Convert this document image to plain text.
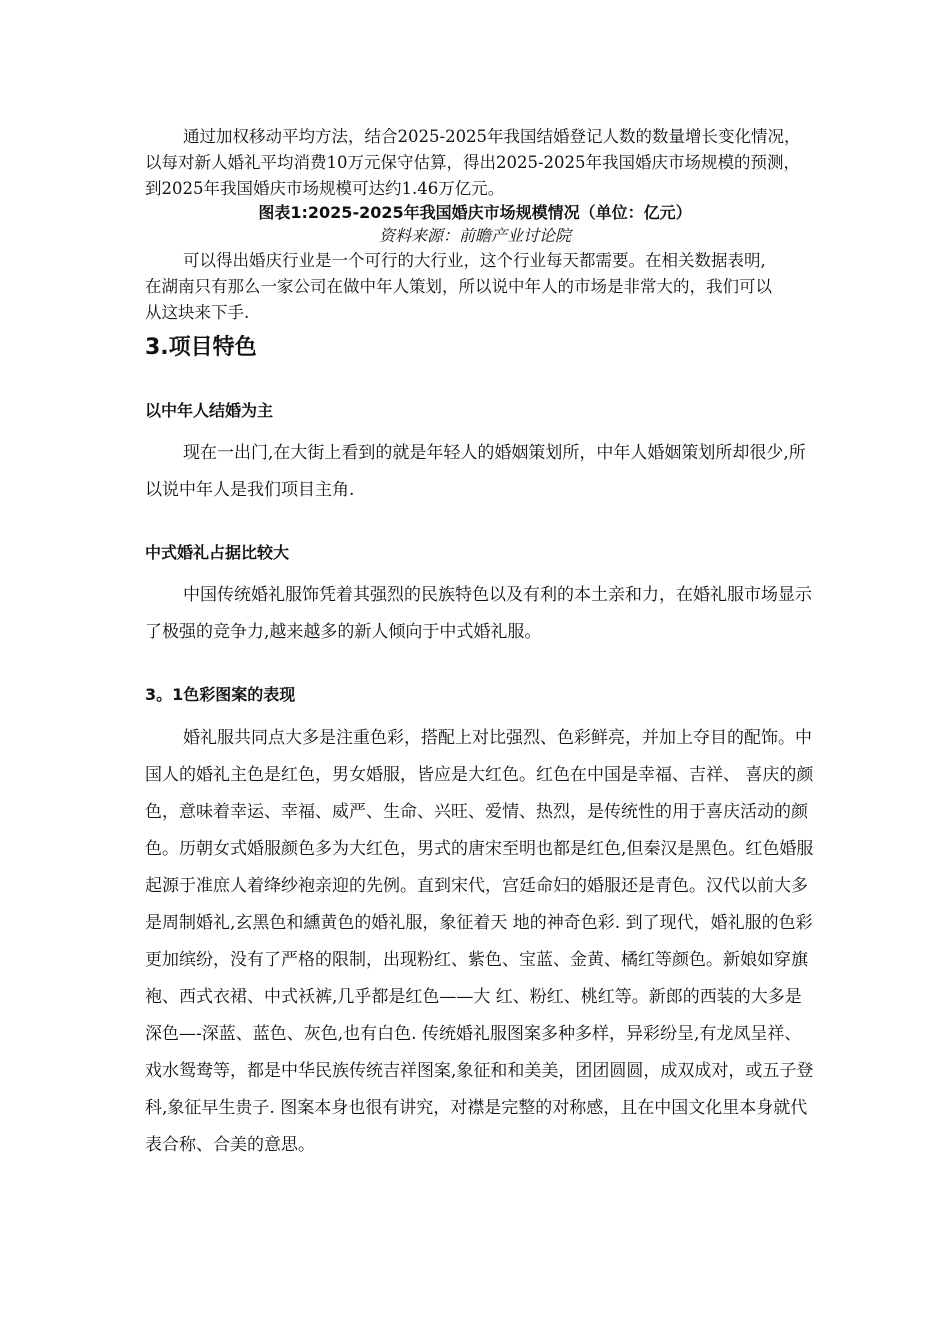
通过加权移动平均方法，结合2025-2025年我国结婚登记人数的数量增长变化情况，以每对新人婚礼平均消费10万元保守估算，得出2025-2025年我国婚庆市场规模的预测，到2025年我国婚庆市场规模可达约1.46万亿元。

图表1:2025-2025年我国婚庆市场规模情况（单位：亿元）
资料来源：前瞻产业讨论院

可以得出婚庆行业是一个可行的大行业，这个行业每天都需要。在相关数据表明,在湖南只有那么一家公司在做中年人策划，所以说中年人的市场是非常大的，我们可以从这块来下手.

3.项目特色
以中年人结婚为主

现在一出门,在大街上看到的就是年轻人的婚姻策划所，中年人婚姻策划所却很少,所以说中年人是我们项目主角.

中式婚礼占据比较大

中国传统婚礼服饰凭着其强烈的民族特色以及有利的本土亲和力，在婚礼服市场显示了极强的竞争力,越来越多的新人倾向于中式婚礼服。

3。1色彩图案的表现

婚礼服共同点大多是注重色彩，搭配上对比强烈、色彩鲜亮，并加上夺目的配饰。中国人的婚礼主色是红色，男女婚服，皆应是大红色。红色在中国是幸福、吉祥、 喜庆的颜色，意味着幸运、幸福、威严、生命、兴旺、爱情、热烈，是传统性的用于喜庆活动的颜色。历朝女式婚服颜色多为大红色，男式的唐宋至明也都是红色,但秦汉是黑色。红色婚服起源于准庶人着绛纱袍亲迎的先例。直到宋代，宫廷命妇的婚服还是青色。汉代以前大多是周制婚礼,玄黑色和纁黄色的婚礼服，象征着天 地的神奇色彩. 到了现代，婚礼服的色彩更加缤纷，没有了严格的限制，出现粉红、紫色、宝蓝、金黄、橘红等颜色。新娘如穿旗袍、西式衣裙、中式袄裤,几乎都是红色——大 红、粉红、桃红等。新郎的西装的大多是深色—-深蓝、蓝色、灰色,也有白色. 传统婚礼服图案多种多样，异彩纷呈,有龙凤呈祥、戏水鸳鸯等，都是中华民族传统吉祥图案,象征和和美美，团团圆圆，成双成对，或五子登科,象征早生贵子. 图案本身也很有讲究，对襟是完整的对称感，且在中国文化里本身就代表合称、合美的意思。
